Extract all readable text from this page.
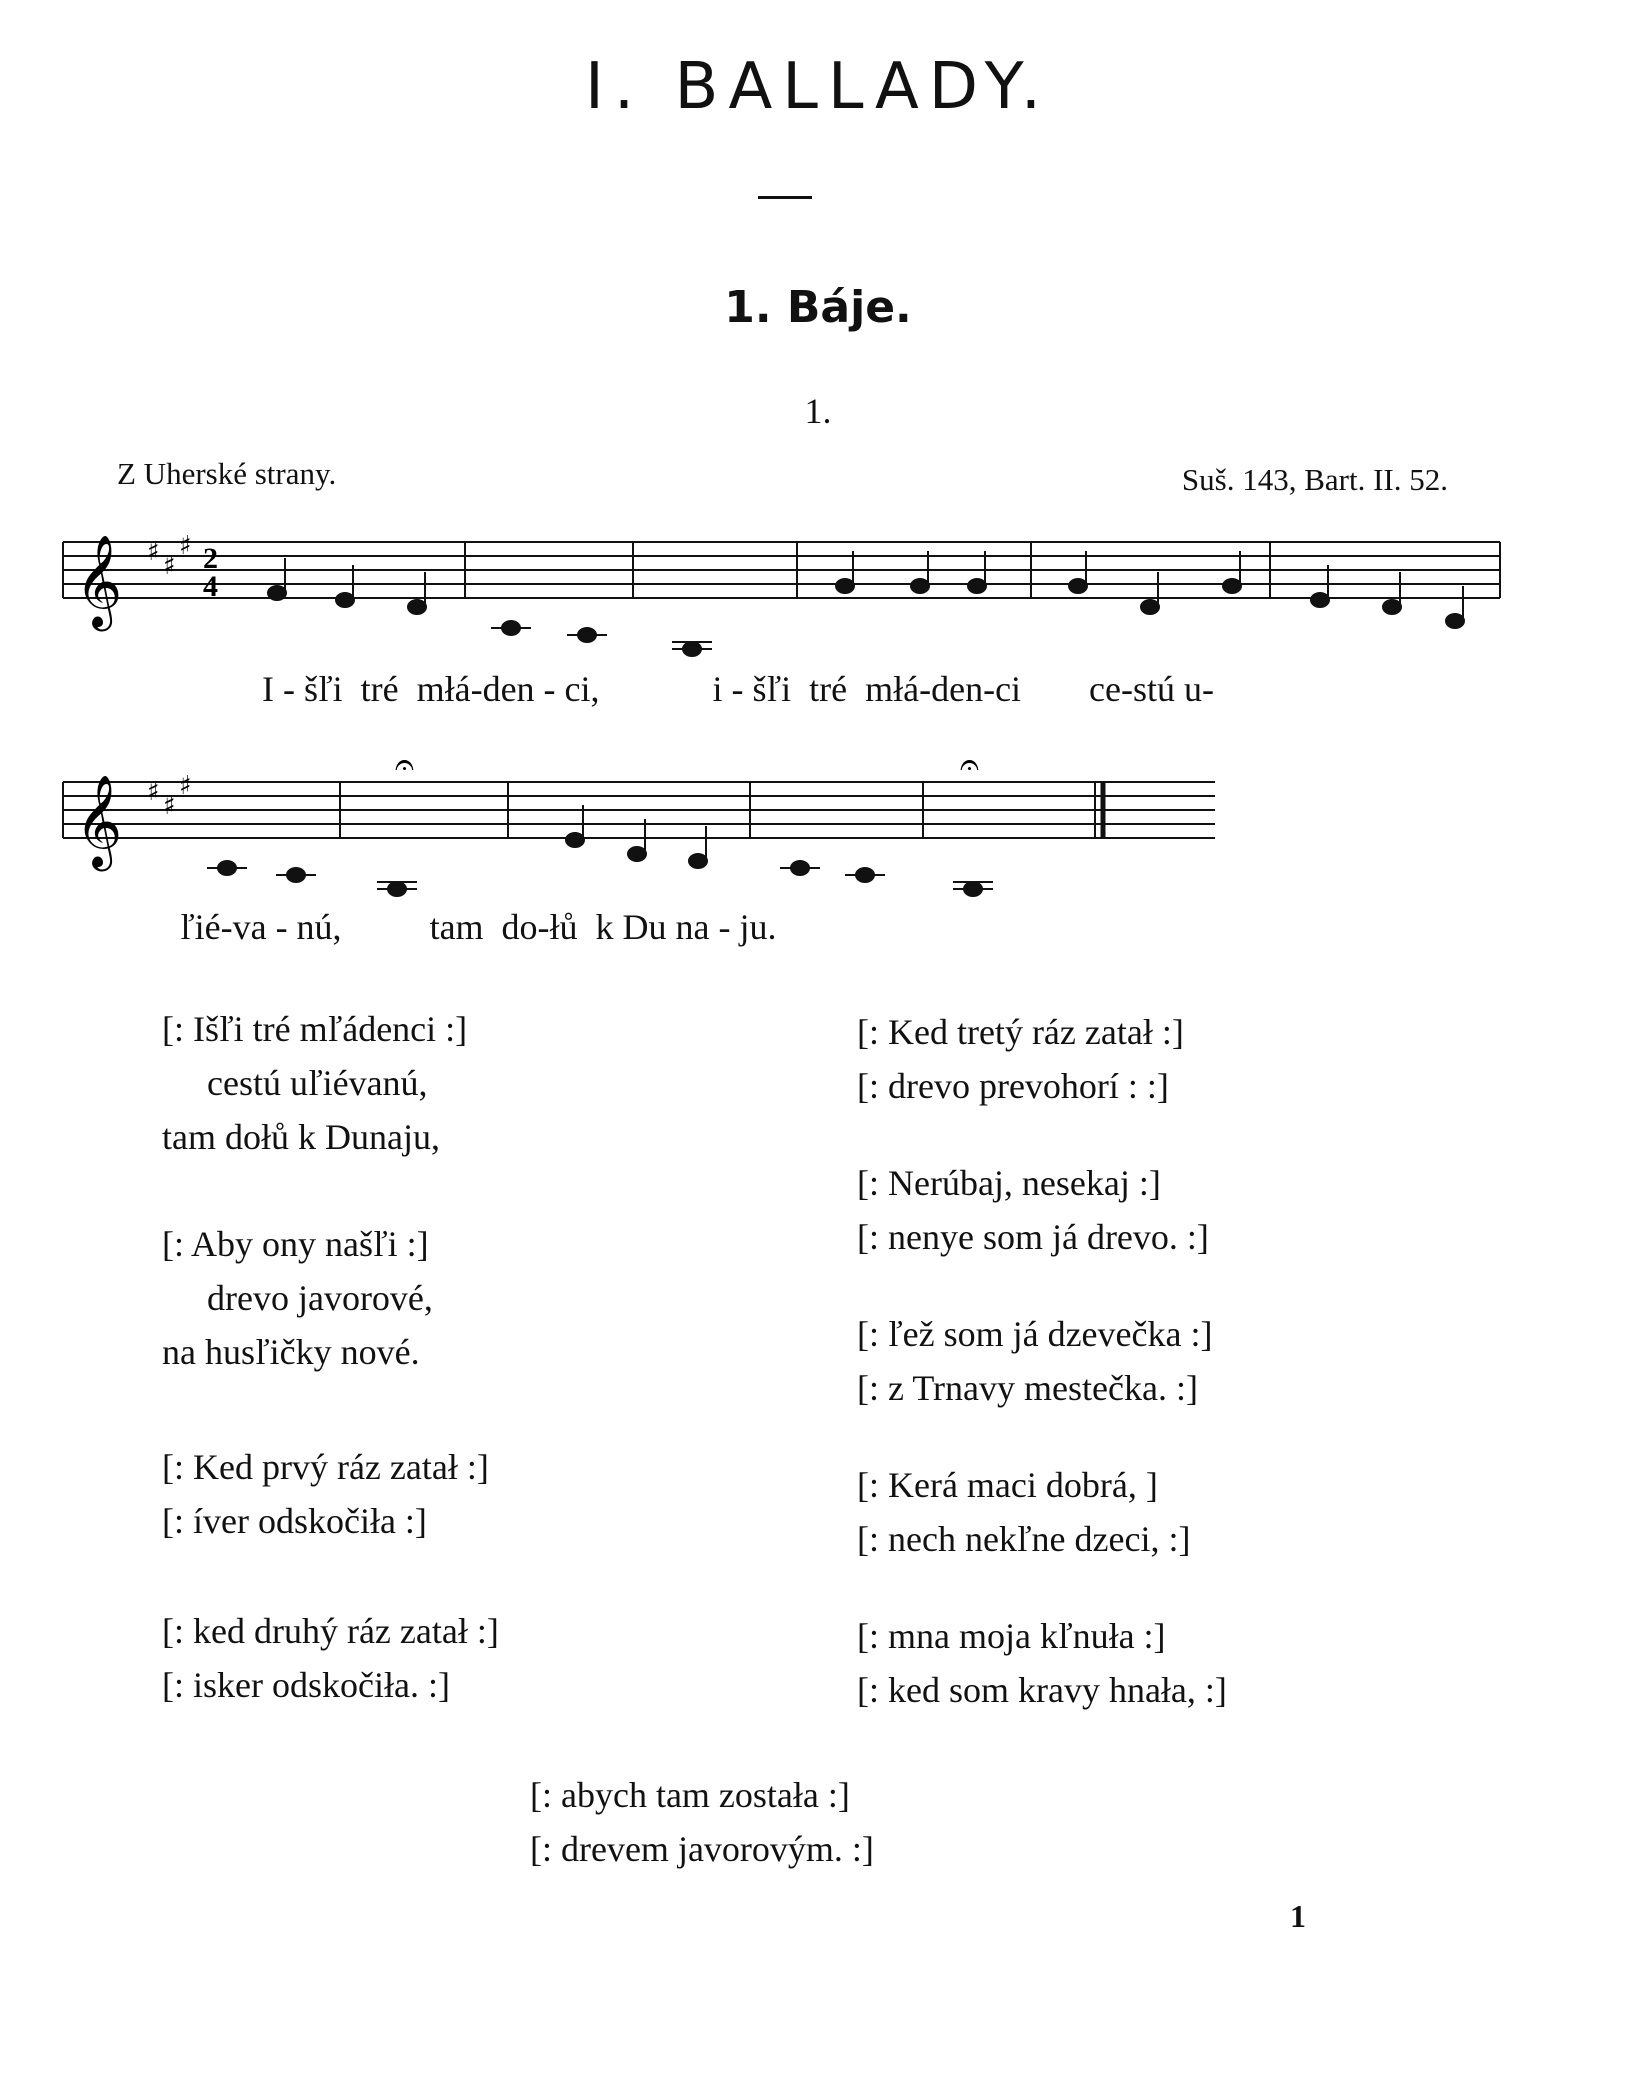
I. BALLADY.
1. Báje.
1.
Z Uherské strany.	Suš. 143, Bart. II. 52.
𝄞 ♯ ♯
♯ 2
4
I - šľi tré młá-den - ci,	i - šľi tré młá-den-ci ce-stú u-
𝄞 ♯ ♯
♯
𝄐	𝄐
ľié-va - nú, tam do-łů k Du na - ju.
[: Išľi tré mľádenci :]
cestú uľiévanú,
tam dołů k Dunaju,
[: Aby ony našľi :]
drevo javorové,
na husľičky nové.
[: Ked prvý ráz zatał :]
[: íver odskočiła :]
[: ked druhý ráz zatał :]
[: isker odskočiła. :]
[: Ked tretý ráz zatał :]
[: drevo prevohorí : :]
[: Nerúbaj, nesekaj :]
[: nenye som já drevo. :]
[: ľež som já dzevečka :]
[: z Trnavy mestečka. :]
[: Kerá maci dobrá, ]
[: nech nekľne dzeci, :]
[: mna moja kľnuła :]
[: ked som kravy hnała, :]
[: abych tam została :]
[: drevem javorovým. :]
1
